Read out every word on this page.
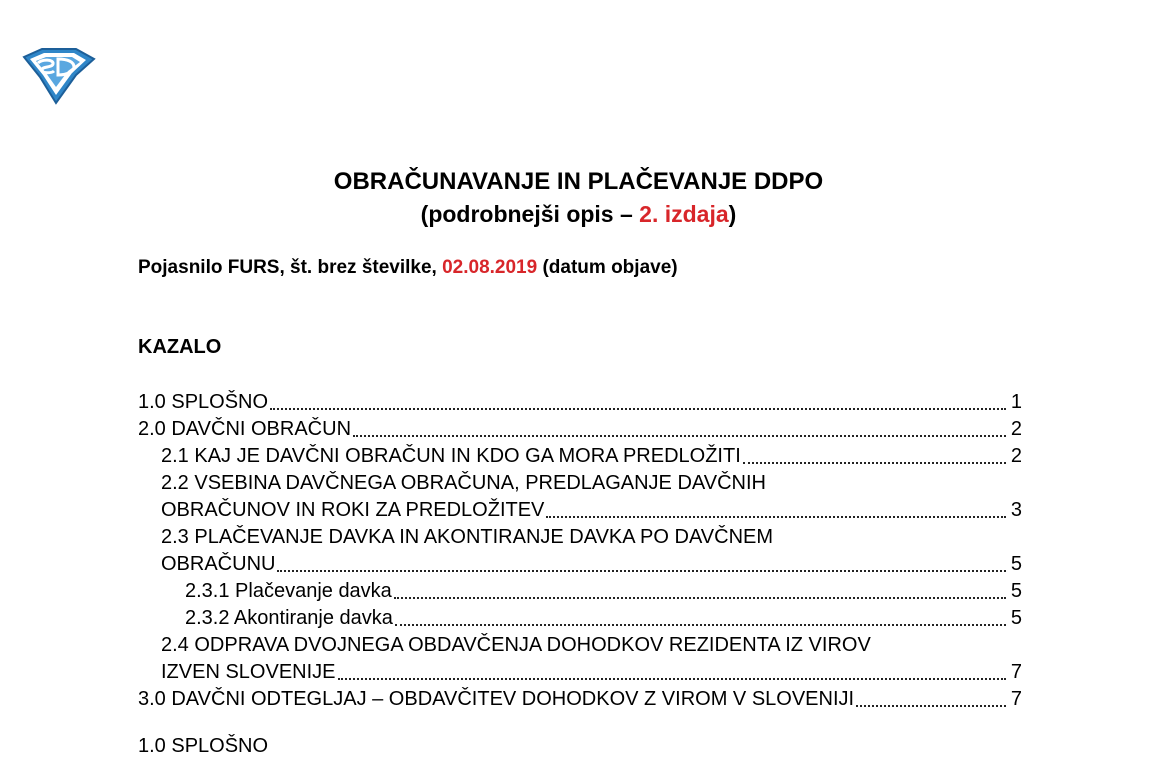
OBRAČUNAVANJE IN PLAČEVANJE DDPO
(podrobnejši opis – 2. izdaja)
Pojasnilo FURS, št. brez številke, 02.08.2019 (datum objave)
KAZALO
1.0 SPLOŠNO	1
2.0 DAVČNI OBRAČUN	2
2.1 KAJ JE DAVČNI OBRAČUN IN KDO GA MORA PREDLOŽITI	2
2.2 VSEBINA DAVČNEGA OBRAČUNA, PREDLAGANJE DAVČNIH
OBRAČUNOV IN ROKI ZA PREDLOŽITEV	3
2.3 PLAČEVANJE DAVKA IN AKONTIRANJE DAVKA PO DAVČNEM
OBRAČUNU	5
2.3.1 Plačevanje davka	5
2.3.2 Akontiranje davka	5
2.4 ODPRAVA DVOJNEGA OBDAVČENJA DOHODKOV REZIDENTA IZ VIROV
IZVEN SLOVENIJE	7
3.0 DAVČNI ODTEGLJAJ – OBDAVČITEV DOHODKOV Z VIROM V SLOVENIJI	7
1.0 SPLOŠNO
